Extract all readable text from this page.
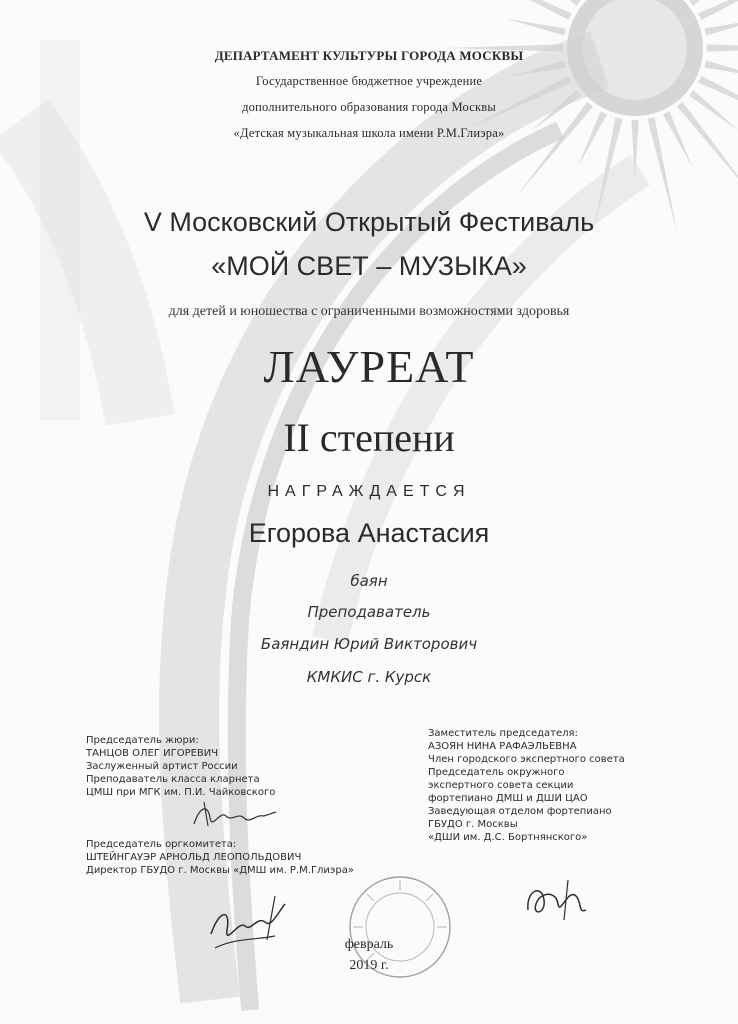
ДЕПАРТАМЕНТ КУЛЬТУРЫ ГОРОДА МОСКВЫ
Государственное бюджетное учреждение
дополнительного образования города Москвы
«Детская музыкальная школа имени Р.М.Глиэра»
V Московский Открытый Фестиваль
«МОЙ СВЕТ – МУЗЫКА»
для детей и юношества с ограниченными возможностями здоровья
ЛАУРЕАТ
II степени
НАГРАЖДАЕТСЯ
Егорова Анастасия
баян
Преподаватель
Баяндин Юрий Викторович
КМКИС г. Курск
Председатель жюри:
ТАНЦОВ ОЛЕГ ИГОРЕВИЧ
Заслуженный артист России
Преподаватель класса кларнета
ЦМШ при МГК им. П.И. Чайковского
Председатель оргкомитета:
ШТЕЙНГАУЭР АРНОЛЬД ЛЕОПОЛЬДОВИЧ
Директор ГБУДО г. Москвы «ДМШ им. Р.М.Глиэра»
Заместитель председателя:
АЗОЯН НИНА РАФАЭЛЬЕВНА
Член городского экспертного совета
Председатель окружного
экспертного совета секции
фортепиано ДМШ и ДШИ ЦАО
Заведующая отделом фортепиано
ГБУДО г. Москвы
«ДШИ им. Д.С. Бортнянского»
февраль
2019 г.
